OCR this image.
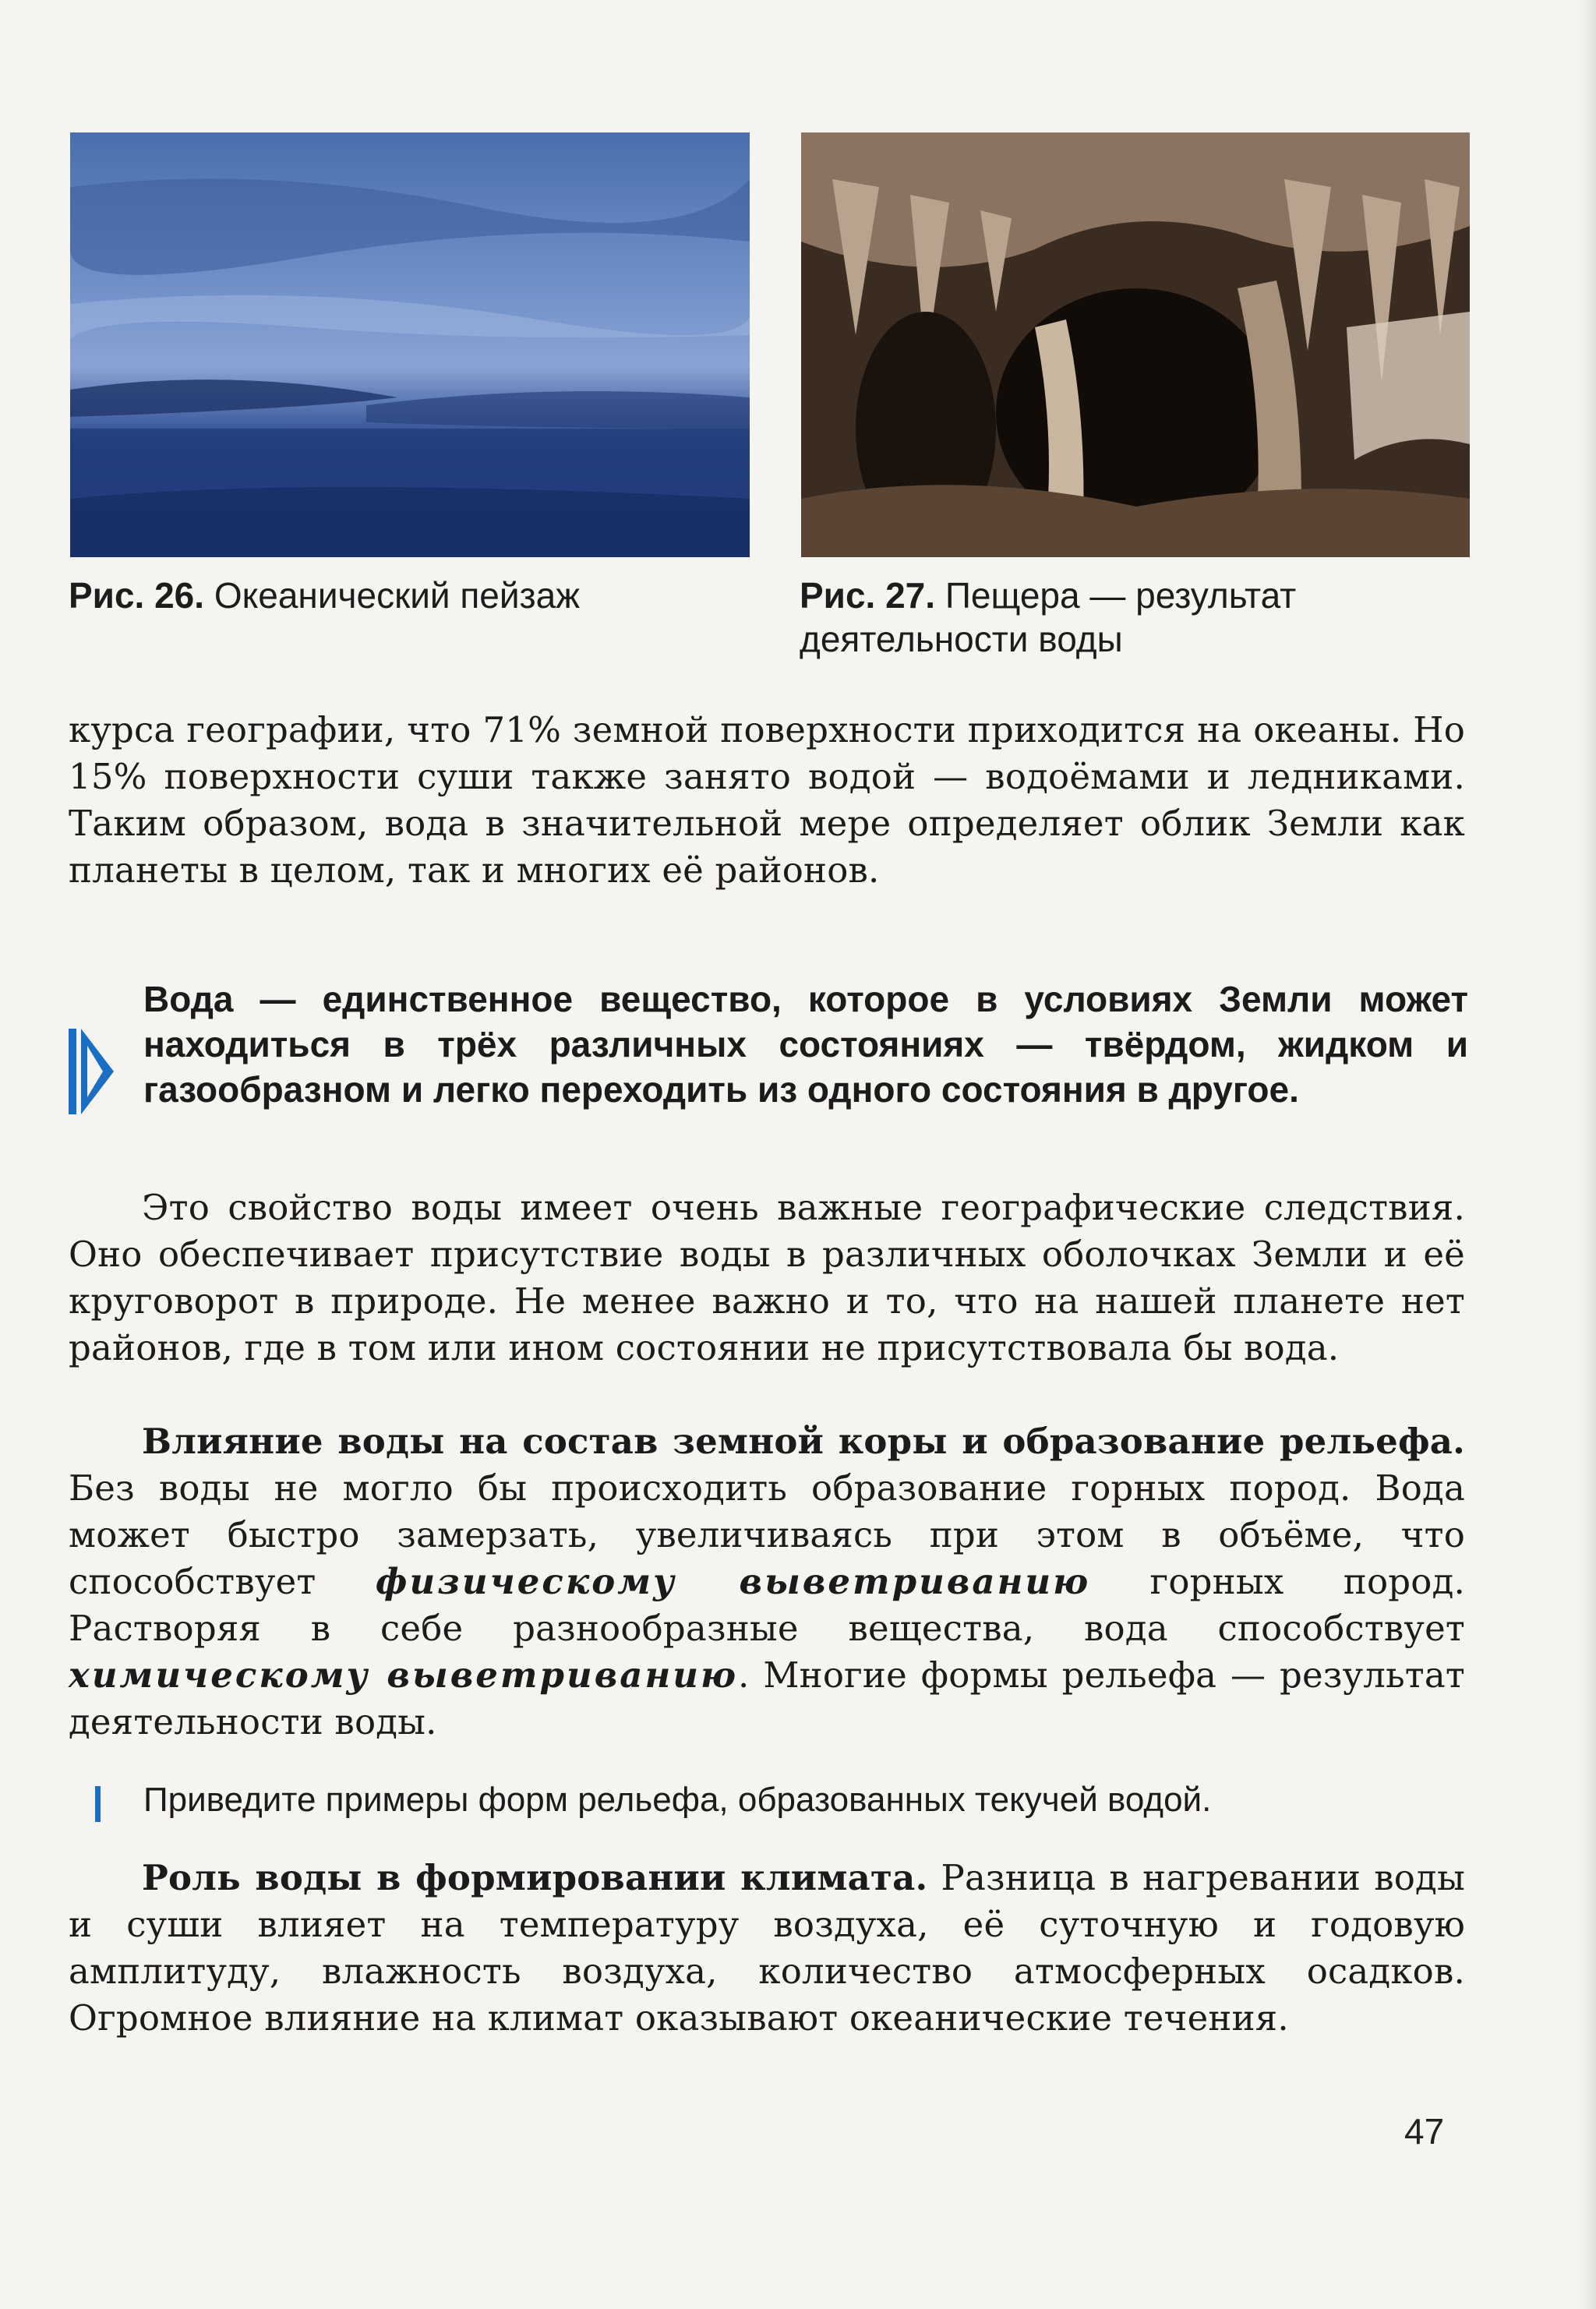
Рис. 26. Океанический пейзаж	Рис. 27. Пещера — результат деятельности воды
курса географии, что 71% земной поверхности приходится на океаны. Но 15% поверхности суши также занято водой — водоёмами и ледниками. Таким образом, вода в значительной мере определяет облик Земли как планеты в целом, так и многих её районов.
Вода — единственное вещество, которое в условиях Земли может находиться в трёх различных состояниях — твёрдом, жидком и газообразном и легко переходить из одного состояния в другое.
Это свойство воды имеет очень важные географические следствия. Оно обеспечивает присутствие воды в различных оболочках Земли и её круговорот в природе. Не менее важно и то, что на нашей планете нет районов, где в том или ином состоянии не присутствовала бы вода.
Влияние воды на состав земной коры и образование рельефа. Без воды не могло бы происходить образование горных пород. Вода может быстро замерзать, увеличиваясь при этом в объёме, что способствует физическому выветриванию горных пород. Растворяя в себе разнообразные вещества, вода способствует химическому выветриванию. Многие формы рельефа — результат деятельности воды.
Приведите примеры форм рельефа, образованных текучей водой.
Роль воды в формировании климата. Разница в нагревании воды и суши влияет на температуру воздуха, её суточную и годовую амплитуду, влажность воздуха, количество атмосферных осадков. Огромное влияние на климат оказывают океанические течения.
47
